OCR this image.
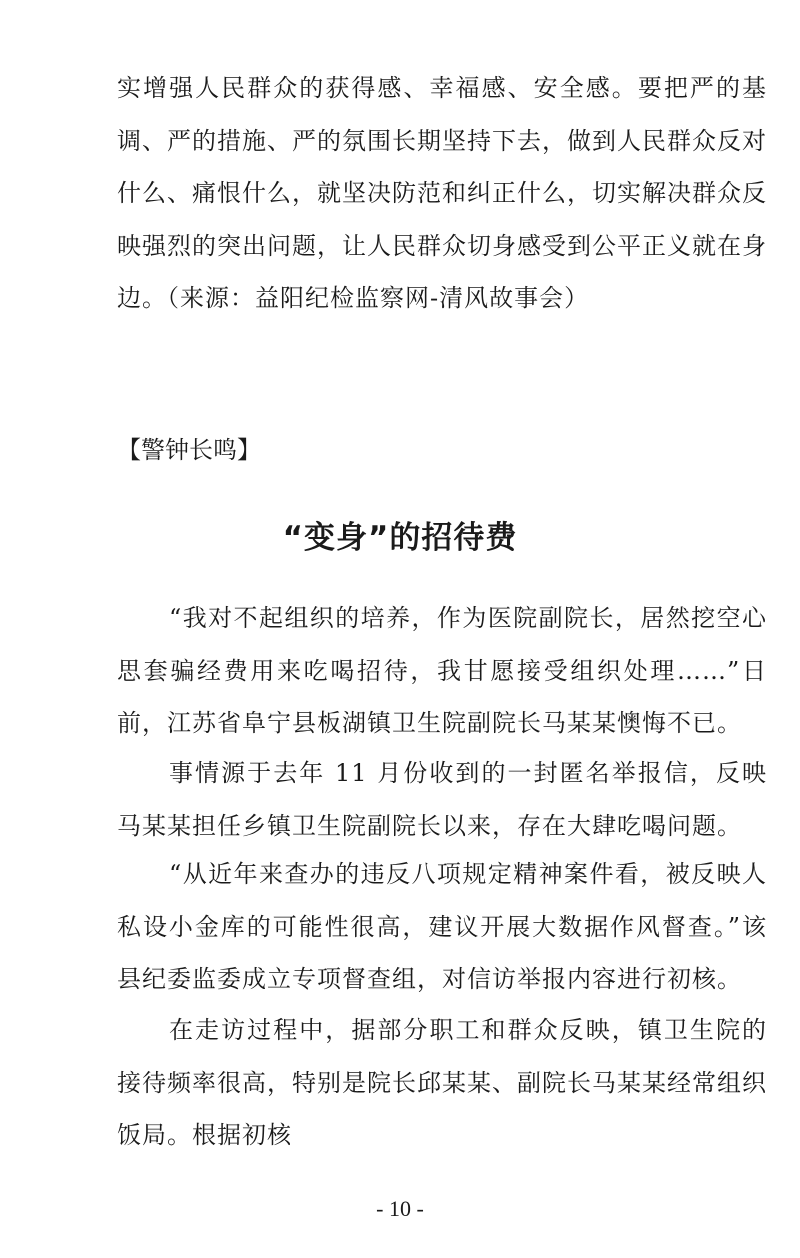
实增强人民群众的获得感、幸福感、安全感。要把严的基调、严的措施、严的氛围长期坚持下去，做到人民群众反对什么、痛恨什么，就坚决防范和纠正什么，切实解决群众反映强烈的突出问题，让人民群众切身感受到公平正义就在身边。（来源：益阳纪检监察网-清风故事会）

【警钟长鸣】

“变身”的招待费

“我对不起组织的培养，作为医院副院长，居然挖空心思套骗经费用来吃喝招待，我甘愿接受组织处理……”日前，江苏省阜宁县板湖镇卫生院副院长马某某懊悔不已。

事情源于去年 11 月份收到的一封匿名举报信，反映马某某担任乡镇卫生院副院长以来，存在大肆吃喝问题。

“从近年来查办的违反八项规定精神案件看，被反映人私设小金库的可能性很高，建议开展大数据作风督查。”该县纪委监委成立专项督查组，对信访举报内容进行初核。

在走访过程中，据部分职工和群众反映，镇卫生院的接待频率很高，特别是院长邱某某、副院长马某某经常组织饭局。根据初核

- 10 -
